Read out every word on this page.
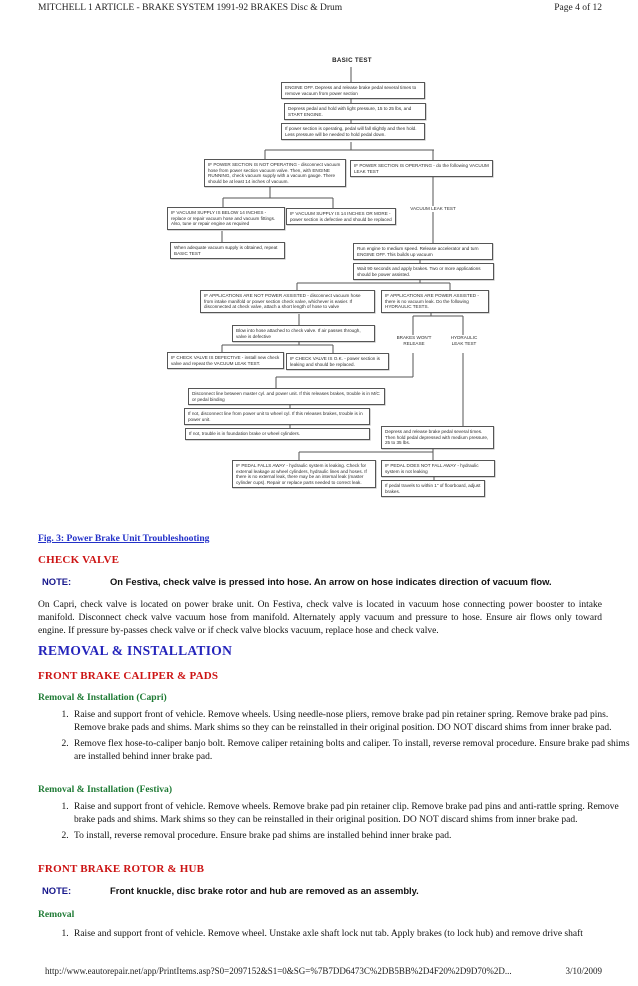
MITCHELL 1 ARTICLE - BRAKE SYSTEM 1991-92 BRAKES Disc & Drum	Page 4 of 12
BASIC TEST
ENGINE OFF. Depress and release brake pedal several times to remove vacuum from power section
Depress pedal and hold with light pressure, 15 to 25 lbs, and START ENGINE.
If power section is operating, pedal will fall slightly and then hold. Less pressure will be needed to hold pedal down.
IF POWER SECTION IS NOT OPERATING - disconnect vacuum hose from power section vacuum valve. Then, with ENGINE RUNNING, check vacuum supply with a vacuum gauge. There should be at least 14 inches of vacuum.
IF POWER SECTION IS OPERATING - do the following VACUUM LEAK TEST
IF VACUUM SUPPLY IS BELOW 14 INCHES - replace or repair vacuum hose and vacuum fittings. Also, tune or repair engine as required
IF VACUUM SUPPLY IS 14 INCHES OR MORE - power section is defective and should be replaced
When adequate vacuum supply is obtained, repeat BASIC TEST
Run engine to medium speed. Release accelerator and turn ENGINE OFF. This builds up vacuum
Wait 90 seconds and apply brakes. Two or more applications should be power assisted.
IF APPLICATIONS ARE NOT POWER ASSISTED - disconnect vacuum hose from intake manifold or power section check valve, whichever is easier. If disconnected at check valve, attach a short length of hose to valve
IF APPLICATIONS ARE POWER ASSISTED - there is no vacuum leak. Do the following HYDRAULIC TESTS.
Blow into hose attached to check valve. If air passes through, valve is defective
IF CHECK VALVE IS DEFECTIVE - install new check valve and repeat the VACUUM LEAK TEST.
IF CHECK VALVE IS O.K. - power section is leaking and should be replaced.
Disconnect line between master cyl. and power unit. If this releases brakes, trouble is in M/C or pedal binding
If not, disconnect line from power unit to wheel cyl. If this releases brakes, trouble is in power unit.
If not, trouble is in foundation brake or wheel cylinders.	Depress and release brake pedal several times. Then hold pedal depressed with medium pressure, 25 to 35 lbs.
IF PEDAL FALLS AWAY - hydraulic system is leaking. Check for external leakage at wheel cylinders, hydraulic lines and hoses. If there is no external leak, there may be an internal leak (master cylinder cups). Repair or replace parts needed to correct leak.
IF PEDAL DOES NOT FALL AWAY - hydraulic system is not leaking
If pedal travels to within 1" of floorboard, adjust brakes.
VACUUM LEAK TEST
BRAKES WON'T RELEASE
HYDRAULIC LEAK TEST
Fig. 3: Power Brake Unit Troubleshooting
CHECK VALVE
NOTE:	On Festiva, check valve is pressed into hose. An arrow on hose indicates direction of vacuum flow.
On Capri, check valve is located on power brake unit. On Festiva, check valve is located in vacuum hose connecting power booster to intake manifold. Disconnect check valve vacuum hose from manifold. Alternately apply vacuum and pressure to hose. Ensure air flows only toward engine. If pressure by-passes check valve or if check valve blocks vacuum, replace hose and check valve.
REMOVAL & INSTALLATION
FRONT BRAKE CALIPER & PADS
Removal & Installation (Capri)
1. Raise and support front of vehicle. Remove wheels. Using needle-nose pliers, remove brake pad pin retainer spring. Remove brake pad pins. Remove brake pads and shims. Mark shims so they can be reinstalled in their original position. DO NOT discard shims from inner brake pad.
2. Remove flex hose-to-caliper banjo bolt. Remove caliper retaining bolts and caliper. To install, reverse removal procedure. Ensure brake pad shims are installed behind inner brake pad.
Removal & Installation (Festiva)
1. Raise and support front of vehicle. Remove wheels. Remove brake pad pin retainer clip. Remove brake pad pins and anti-rattle spring. Remove brake pads and shims. Mark shims so they can be reinstalled in their original position. DO NOT discard shims from inner brake pad.
2. To install, reverse removal procedure. Ensure brake pad shims are installed behind inner brake pad.
FRONT BRAKE ROTOR & HUB
NOTE:	Front knuckle, disc brake rotor and hub are removed as an assembly.
Removal
1. Raise and support front of vehicle. Remove wheel. Unstake axle shaft lock nut tab. Apply brakes (to lock hub) and remove drive shaft
http://www.eautorepair.net/app/PrintItems.asp?S0=2097152&S1=0&SG=%7B7DD6473C%2DB5BB%2D4F20%2D9D70%2D...	3/10/2009
